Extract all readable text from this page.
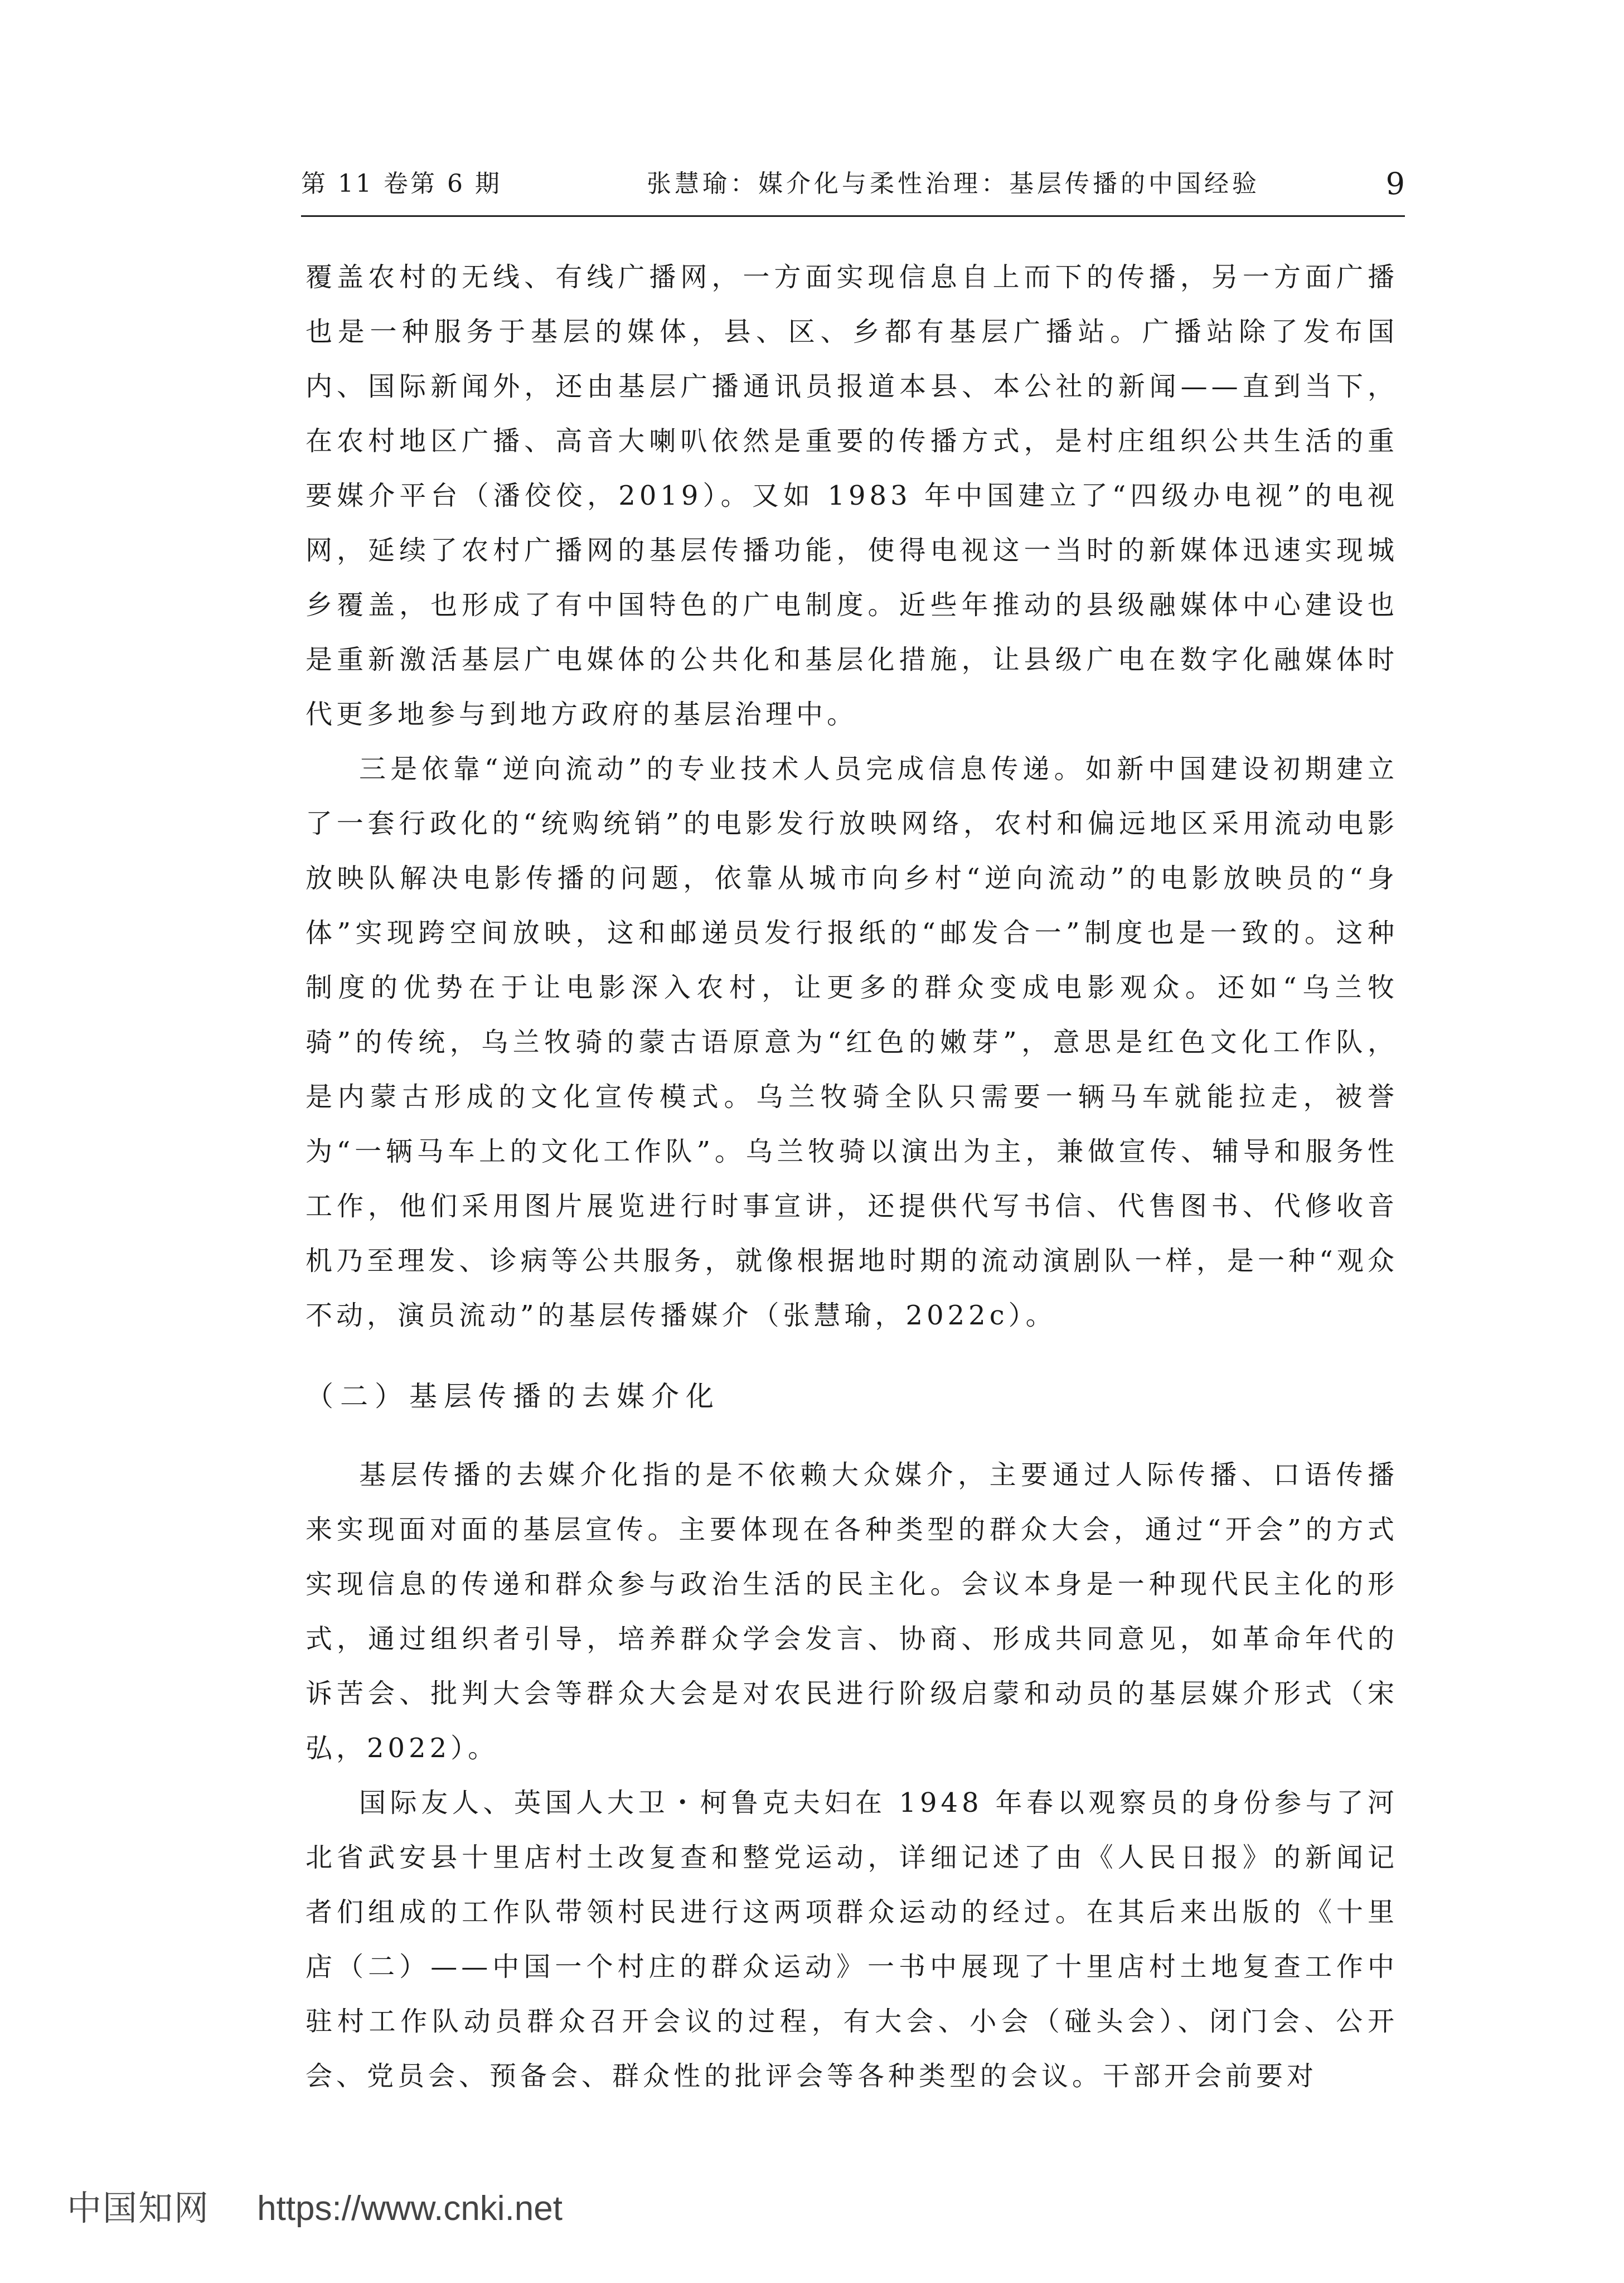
第 11 卷第 6 期	张慧瑜：媒介化与柔性治理：基层传播的中国经验	9

覆盖农村的无线、有线广播网，一方面实现信息自上而下的传播，另一方面广播也是一种服务于基层的媒体，县、区、乡都有基层广播站。广播站除了发布国内、国际新闻外，还由基层广播通讯员报道本县、本公社的新闻——直到当下，在农村地区广播、高音大喇叭依然是重要的传播方式，是村庄组织公共生活的重要媒介平台（潘佼佼，2019）。又如 1983 年中国建立了“四级办电视”的电视网，延续了农村广播网的基层传播功能，使得电视这一当时的新媒体迅速实现城乡覆盖，也形成了有中国特色的广电制度。近些年推动的县级融媒体中心建设也是重新激活基层广电媒体的公共化和基层化措施，让县级广电在数字化融媒体时代更多地参与到地方政府的基层治理中。

三是依靠“逆向流动”的专业技术人员完成信息传递。如新中国建设初期建立了一套行政化的“统购统销”的电影发行放映网络，农村和偏远地区采用流动电影放映队解决电影传播的问题，依靠从城市向乡村“逆向流动”的电影放映员的“身体”实现跨空间放映，这和邮递员发行报纸的“邮发合一”制度也是一致的。这种制度的优势在于让电影深入农村，让更多的群众变成电影观众。还如“乌兰牧骑”的传统，乌兰牧骑的蒙古语原意为“红色的嫩芽”，意思是红色文化工作队，是内蒙古形成的文化宣传模式。乌兰牧骑全队只需要一辆马车就能拉走，被誉为“一辆马车上的文化工作队”。乌兰牧骑以演出为主，兼做宣传、辅导和服务性工作，他们采用图片展览进行时事宣讲，还提供代写书信、代售图书、代修收音机乃至理发、诊病等公共服务，就像根据地时期的流动演剧队一样，是一种“观众不动，演员流动”的基层传播媒介（张慧瑜，2022c）。

（二）基层传播的去媒介化

基层传播的去媒介化指的是不依赖大众媒介，主要通过人际传播、口语传播来实现面对面的基层宣传。主要体现在各种类型的群众大会，通过“开会”的方式实现信息的传递和群众参与政治生活的民主化。会议本身是一种现代民主化的形式，通过组织者引导，培养群众学会发言、协商、形成共同意见，如革命年代的诉苦会、批判大会等群众大会是对农民进行阶级启蒙和动员的基层媒介形式（宋弘，2022）。

国际友人、英国人大卫・柯鲁克夫妇在 1948 年春以观察员的身份参与了河北省武安县十里店村土改复查和整党运动，详细记述了由《人民日报》的新闻记者们组成的工作队带领村民进行这两项群众运动的经过。在其后来出版的《十里店（二）——中国一个村庄的群众运动》一书中展现了十里店村土地复查工作中驻村工作队动员群众召开会议的过程，有大会、小会（碰头会）、闭门会、公开会、党员会、预备会、群众性的批评会等各种类型的会议。干部开会前要对

中国知网 https://www.cnki.net
